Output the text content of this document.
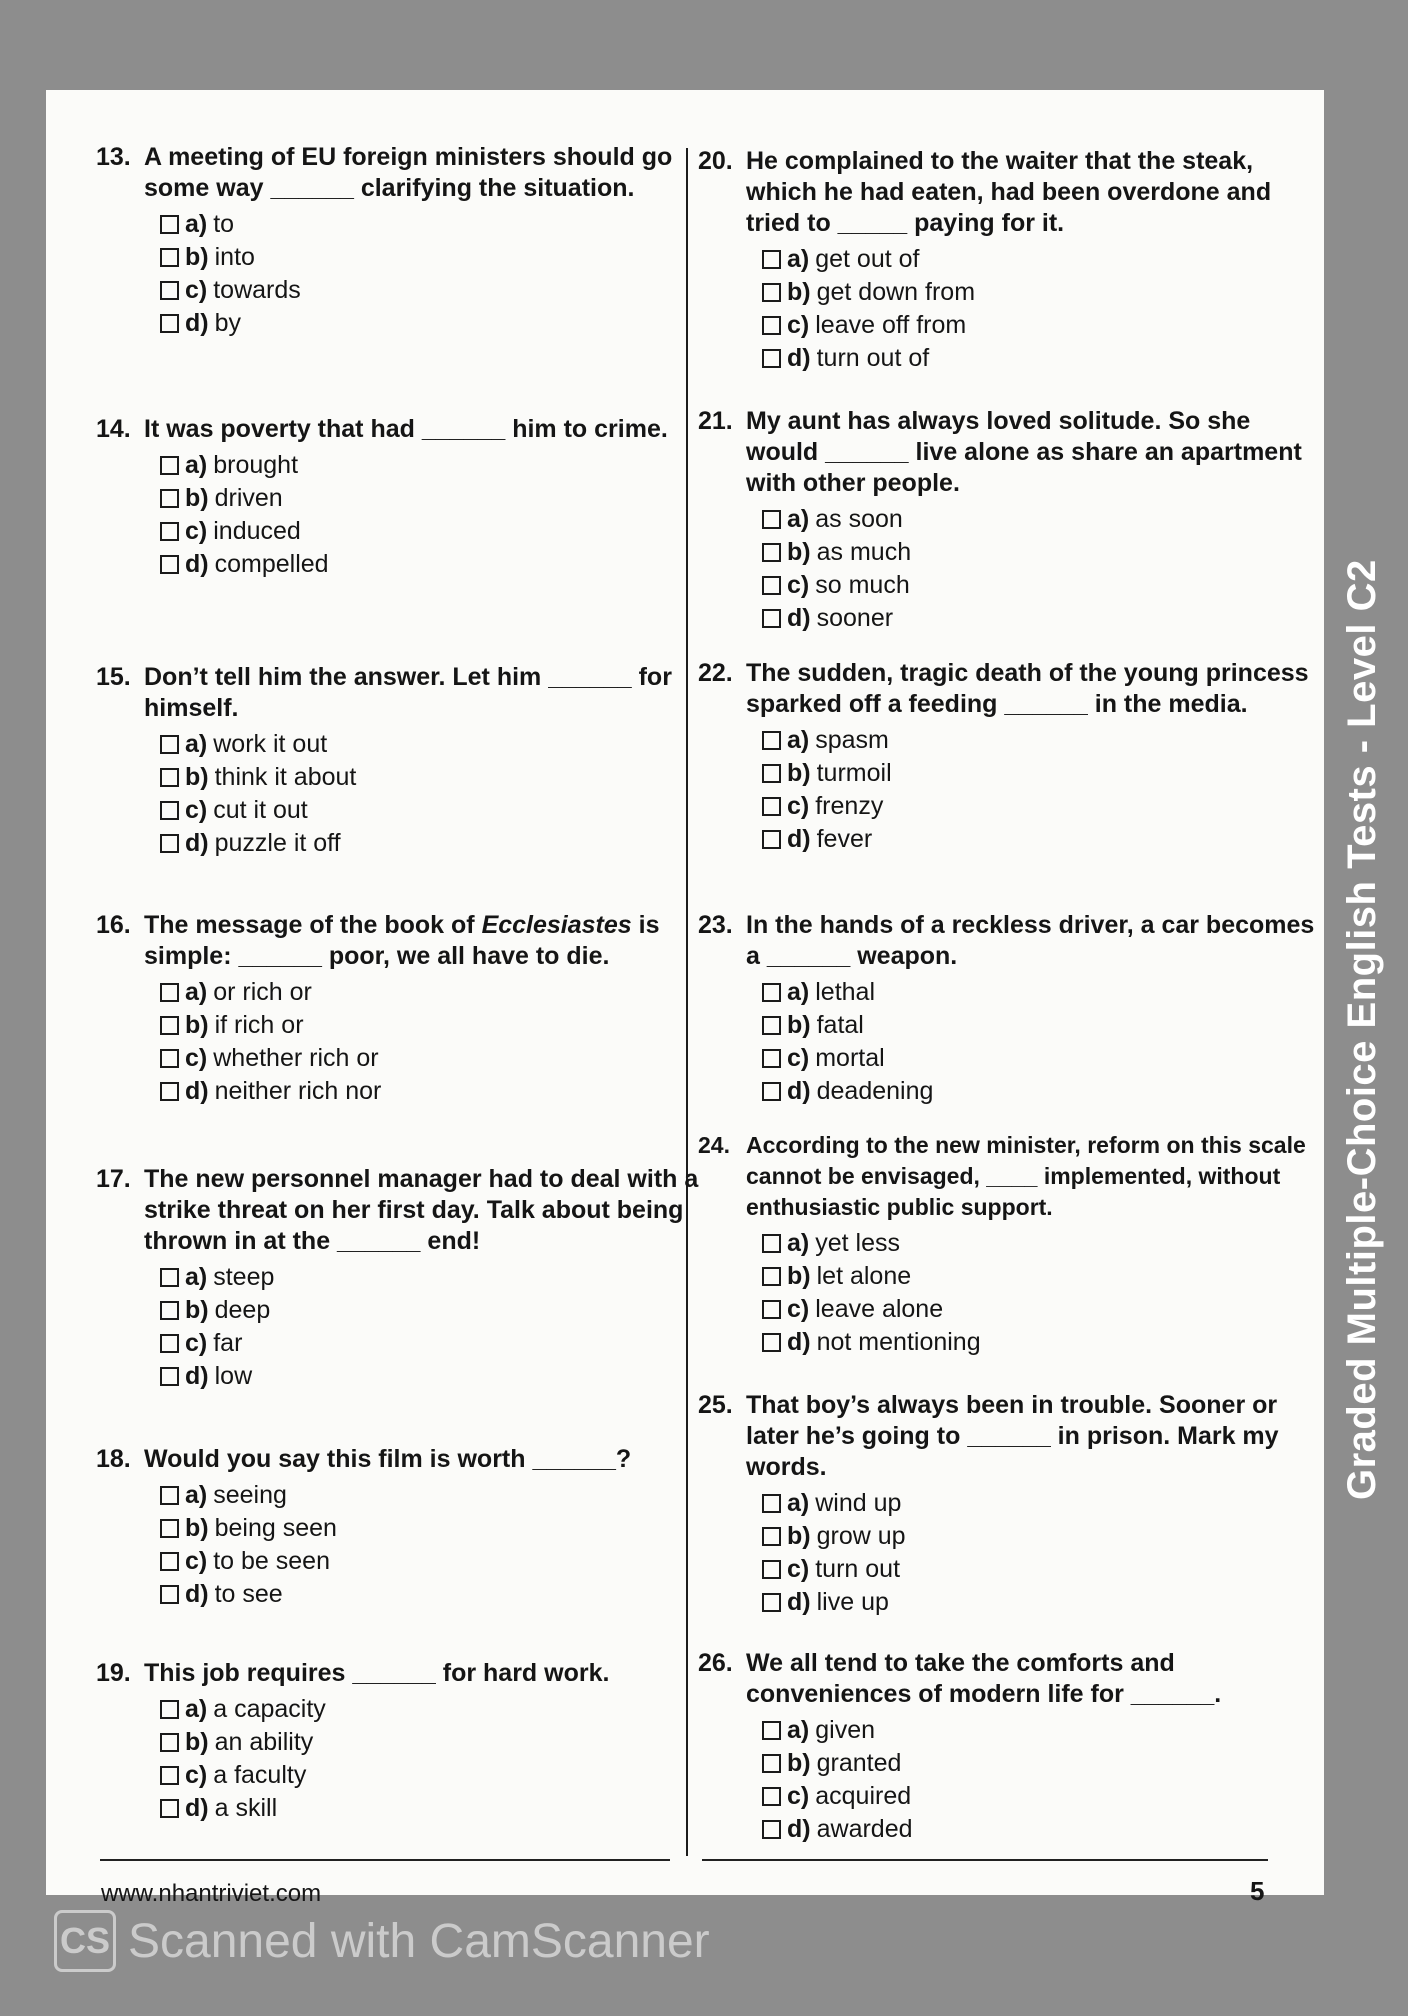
13. A meeting of EU foreign ministers should go some way ______ clarifying the situation.
a) to
b) into
c) towards
d) by
14. It was poverty that had ______ him to crime.
a) brought
b) driven
c) induced
d) compelled
15. Don’t tell him the answer. Let him ______ for himself.
a) work it out
b) think it about
c) cut it out
d) puzzle it off
16. The message of the book of Ecclesiastes is simple: ______ poor, we all have to die.
a) or rich or
b) if rich or
c) whether rich or
d) neither rich nor
17. The new personnel manager had to deal with a strike threat on her first day. Talk about being thrown in at the ______ end!
a) steep
b) deep
c) far
d) low
18. Would you say this film is worth ______?
a) seeing
b) being seen
c) to be seen
d) to see
19. This job requires ______ for hard work.
a) a capacity
b) an ability
c) a faculty
d) a skill
20. He complained to the waiter that the steak, which he had eaten, had been overdone and tried to _____ paying for it.
a) get out of
b) get down from
c) leave off from
d) turn out of
21. My aunt has always loved solitude. So she would ______ live alone as share an apartment with other people.
a) as soon
b) as much
c) so much
d) sooner
22. The sudden, tragic death of the young princess sparked off a feeding ______ in the media.
a) spasm
b) turmoil
c) frenzy
d) fever
23. In the hands of a reckless driver, a car becomes a ______ weapon.
a) lethal
b) fatal
c) mortal
d) deadening
24. According to the new minister, reform on this scale cannot be envisaged, ____ implemented, without enthusiastic public support.
a) yet less
b) let alone
c) leave alone
d) not mentioning
25. That boy’s always been in trouble. Sooner or later he’s going to ______ in prison. Mark my words.
a) wind up
b) grow up
c) turn out
d) live up
26. We all tend to take the comforts and conveniences of modern life for ______.
a) given
b) granted
c) acquired
d) awarded
www.nhantriviet.com	5
Graded Multiple-Choice English Tests - Level C2
CS Scanned with CamScanner
